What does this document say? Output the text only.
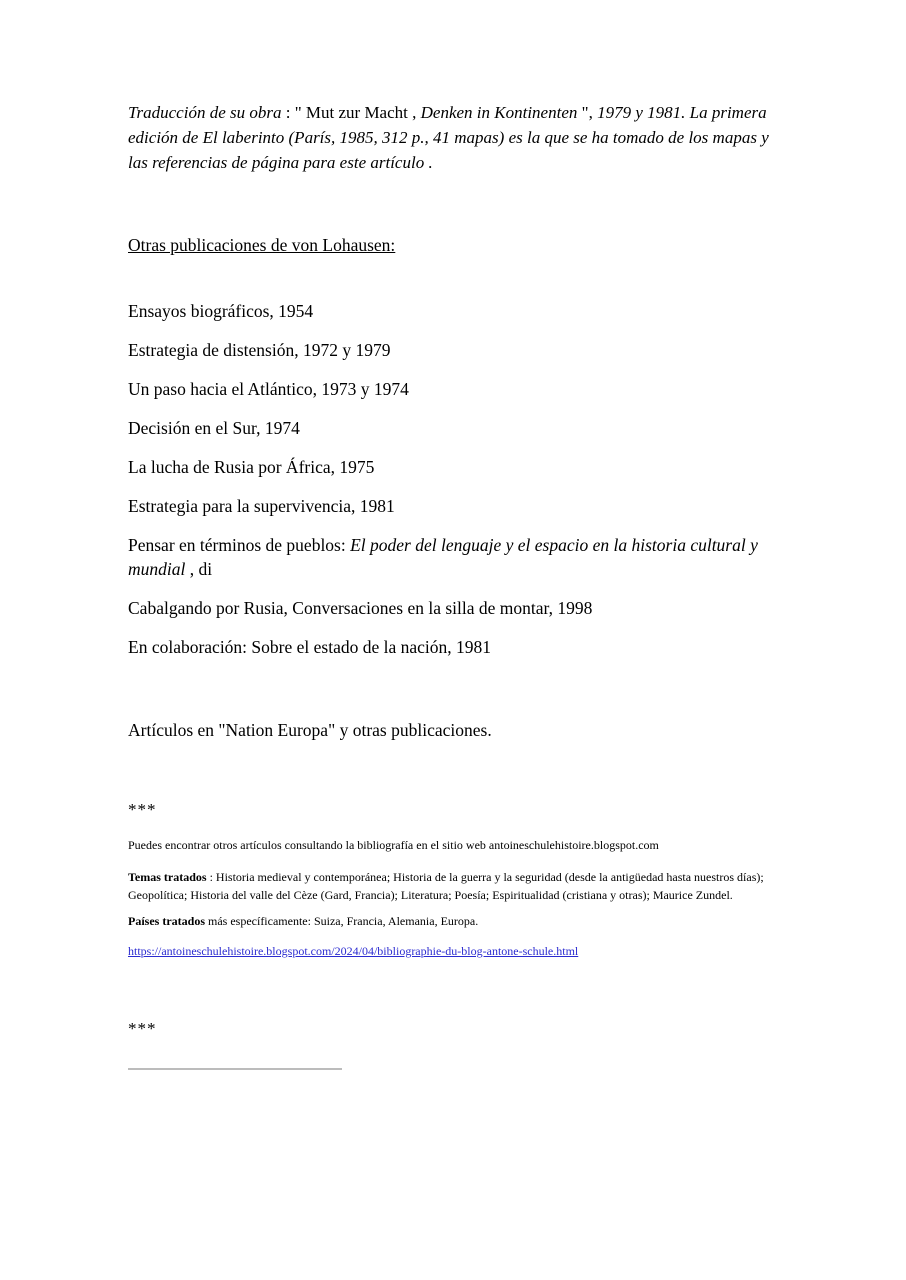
Traducción de su obra : " Mut zur Macht , Denken in Kontinenten ", 1979 y 1981. La primera edición de El laberinto (París, 1985, 312 p., 41 mapas) es la que se ha tomado de los mapas y las referencias de página para este artículo .

Otras publicaciones de von Lohausen:

Ensayos biográficos, 1954

Estrategia de distensión, 1972 y 1979

Un paso hacia el Atlántico, 1973 y 1974

Decisión en el Sur, 1974

La lucha de Rusia por África, 1975

Estrategia para la supervivencia, 1981

Pensar en términos de pueblos: El poder del lenguaje y el espacio en la historia cultural y mundial , di

Cabalgando por Rusia, Conversaciones en la silla de montar, 1998

En colaboración: Sobre el estado de la nación, 1981

Artículos en "Nation Europa" y otras publicaciones.

***

Puedes encontrar otros artículos consultando la bibliografía en el sitio web antoineschulehistoire.blogspot.com

Temas tratados : Historia medieval y contemporánea; Historia de la guerra y la seguridad (desde la antigüedad hasta nuestros días); Geopolítica; Historia del valle del Cèze (Gard, Francia); Literatura; Poesía; Espiritualidad (cristiana y otras); Maurice Zundel.

Países tratados más específicamente: Suiza, Francia, Alemania, Europa.

https://antoineschulehistoire.blogspot.com/2024/04/bibliographie-du-blog-antone-schule.html

***
